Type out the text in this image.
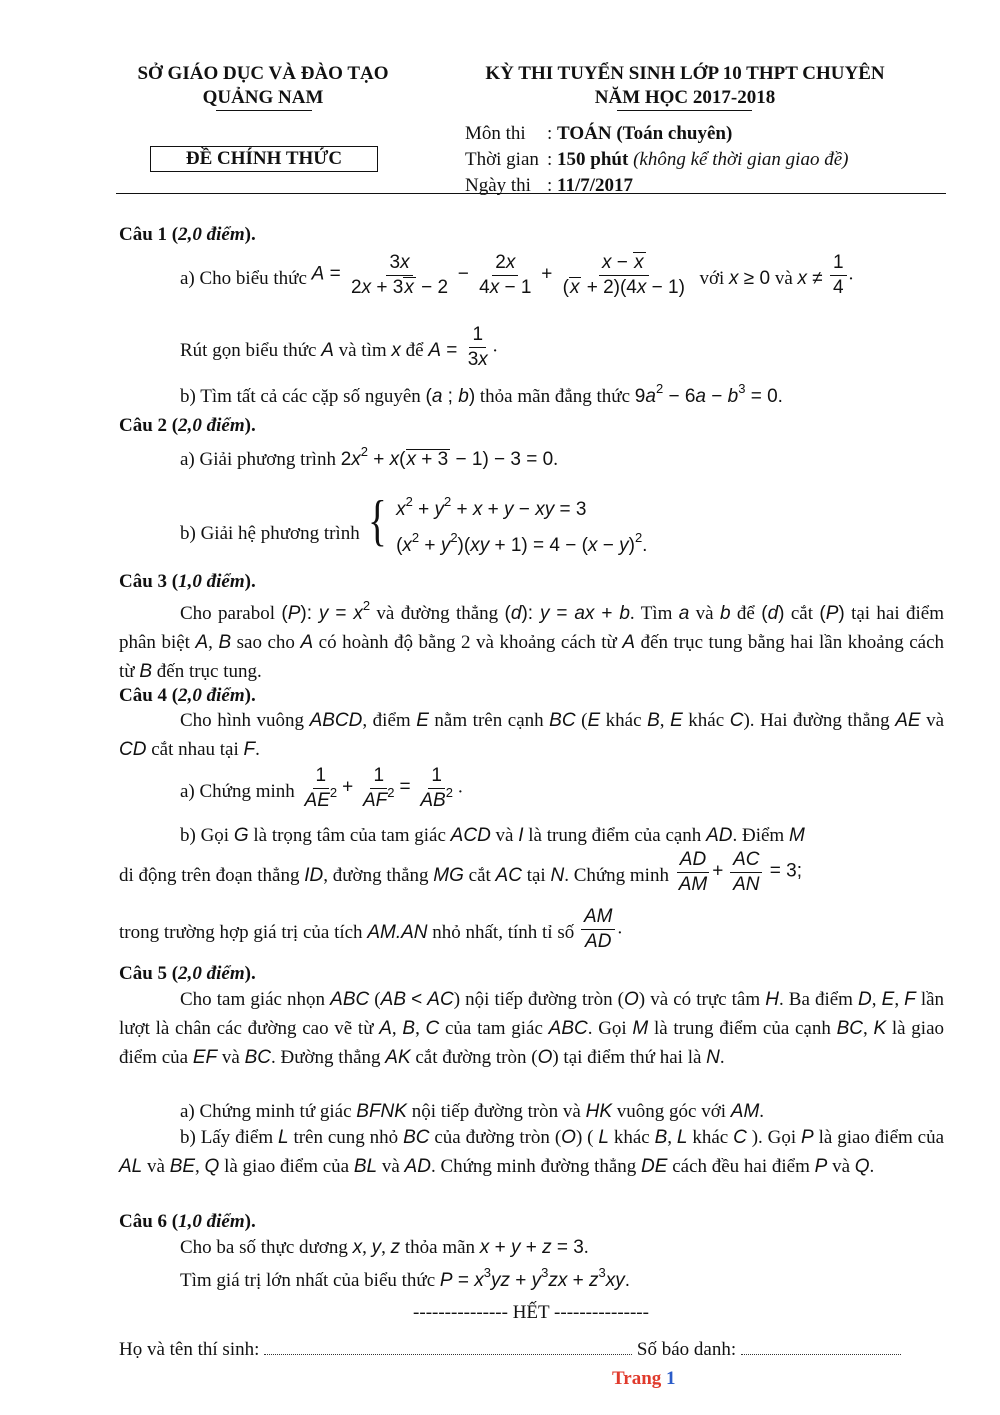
SỞ GIÁO DỤC VÀ ĐÀO TẠO
QUẢNG NAM
KỲ THI TUYỂN SINH LỚP 10 THPT CHUYÊN
NĂM HỌC 2017-2018
ĐỀ CHÍNH THỨC
Môn thi : TOÁN (Toán chuyên)
Thời gian : 150 phút (không kể thời gian giao đề)
Ngày thi : 11/7/2017
Câu 1 (2,0 điểm).
a) Cho biểu thức $A = \frac{3x}{2x + 3x - 2} - \frac{2x}{4x - 1} + \frac{x - x}{(x + 2)(4x - 1)}$ với x ≥ 0 và $x \ne \frac{1}{4}$ .
Rút gọn biểu thức A và tìm x để $A = \frac{1}{3x}$ .
b) Tìm tất cả các cặp số nguyên (a ; b) thỏa mãn đẳng thức $9a^2 - 6a - b^3 = 0$.
Câu 2 (2,0 điểm).
a) Giải phương trình $2x^2 + x(x + 3 - 1) - 3 = 0$.
b) Giải hệ phương trình { $x^2 + y^2 + x + y$ − xy = 3
$(x^2 + y^2)(xy + 1) = 4 - (x - y)^2$.
Câu 3 (1,0 điểm).
Cho parabol (P): $y = x^2$ và đường thẳng (d): y = ax + b. Tìm a và b để (d) cắt (P) tại hai điểm phân biệt A, B sao cho A có hoành độ bằng 2 và khoảng cách từ A đến trục tung bằng hai lần khoảng cách từ B đến trục tung.
Câu 4 (2,0 điểm).
Cho hình vuông ABCD, điểm E nằm trên cạnh BC (E khác B, E khác C). Hai đường thẳng AE và CD cắt nhau tại F.
a) Chứng minh $\frac{1}{AE^2} + \frac{1}{AF^2} = \frac{1}{AB^2}$ .
b) Gọi G là trọng tâm của tam giác ACD và I là trung điểm của cạnh AD. Điểm M
di động trên đoạn thẳng ID, đường thẳng MG cắt AC tại N. Chứng minh $\frac{AD}{AM} + \frac{AC}{AN} = 3$;
trong trường hợp giá trị của tích AM.AN nhỏ nhất, tính tỉ số $\frac{AM}{AD}$ .
Câu 5 (2,0 điểm).
Cho tam giác nhọn ABC (AB < AC) nội tiếp đường tròn (O) và có trực tâm H. Ba điểm D, E, F lần lượt là chân các đường cao vẽ từ A, B, C của tam giác ABC. Gọi M là trung điểm của cạnh BC, K là giao điểm của EF và BC. Đường thẳng AK cắt đường tròn (O) tại điểm thứ hai là N.
a) Chứng minh tứ giác BFNK nội tiếp đường tròn và HK vuông góc với AM.
b) Lấy điểm L trên cung nhỏ BC của đường tròn (O) ( L khác B, L khác C ). Gọi P là giao điểm của AL và BE, Q là giao điểm của BL và AD. Chứng minh đường thẳng DE cách đều hai điểm P và Q.
Câu 6 (1,0 điểm).
Cho ba số thực dương x, y, z thỏa mãn x + y + z = 3.
Tìm giá trị lớn nhất của biểu thức $P = x^3yz + y^3zx + z^3xy$.
--------------- HẾT ---------------
Họ và tên thí sinh:	Số báo danh:
Trang 1
